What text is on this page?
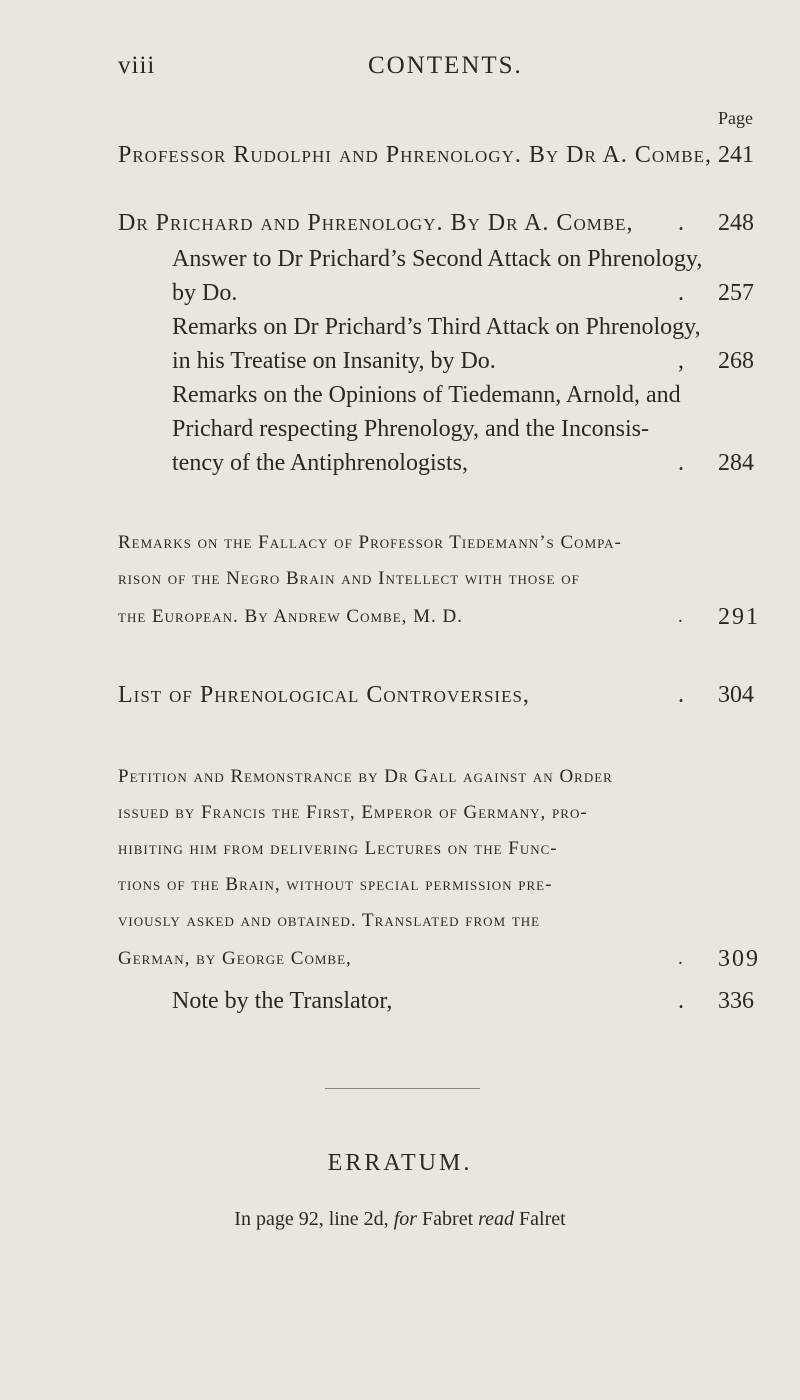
viii	CONTENTS.
Page
Professor Rudolphi and Phrenology. By Dr A. Combe, 241
Dr Prichard and Phrenology. By Dr A. Combe, . 248
Answer to Dr Prichard’s Second Attack on Phrenology,
by Do.	. 257
Remarks on Dr Prichard’s Third Attack on Phrenology,
in his Treatise on Insanity, by Do.	, 268
Remarks on the Opinions of Tiedemann, Arnold, and
Prichard respecting Phrenology, and the Inconsis-
tency of the Antiphrenologists,	. 284
Remarks on the Fallacy of Professor Tiedemann’s Compa-
rison of the Negro Brain and Intellect with those of
the European. By Andrew Combe, M. D.	. 291
List of Phrenological Controversies,	. 304
Petition and Remonstrance by Dr Gall against an Order
issued by Francis the First, Emperor of Germany, pro-
hibiting him from delivering Lectures on the Func-
tions of the Brain, without special permission pre-
viously asked and obtained. Translated from the
German, by George Combe,	. 309
Note by the Translator,	. 336
ERRATUM.
In page 92, line 2d, for Fabret read Falret
